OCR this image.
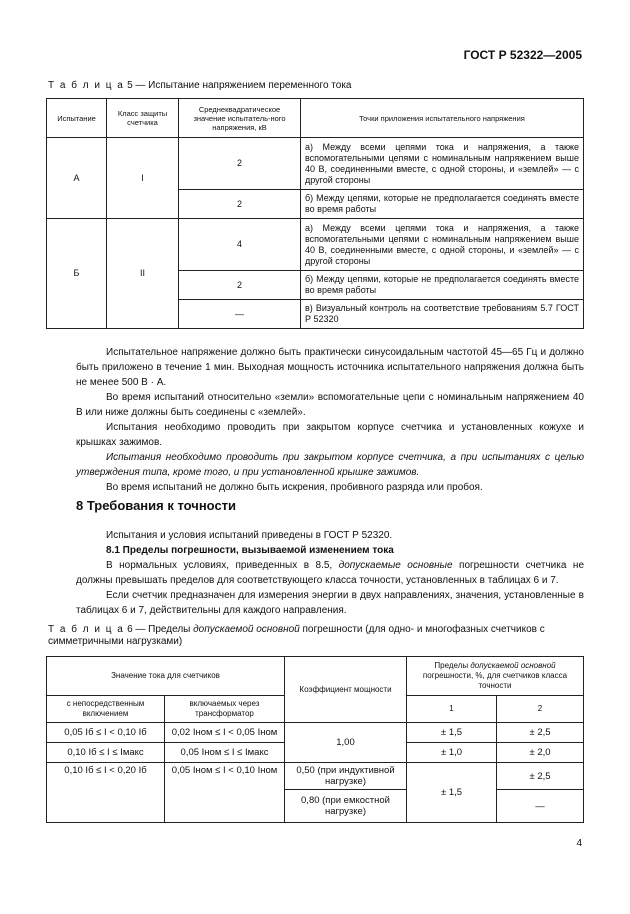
ГОСТ Р 52322—2005
Т а б л и ц а 5 — Испытание напряжением переменного тока
Испытание	Класс защиты счетчика	Среднеквадратическое значение испытатель-ного напряжения, кВ	Точки приложения испытательного напряжения
А	I	2	а) Между всеми цепями тока и напряжения, а также вспомогательными цепями с номинальным напряжением выше 40 В, соединенными вместе, с одной стороны, и «землей» — с другой стороны
		2	б) Между цепями, которые не предполагается соединять вместе во время работы
Б	II	4	а) Между всеми цепями тока и напряжения, а также вспомогательными цепями с номинальным напряжением выше 40 В, соединенными вместе, с одной стороны, и «землей» — с другой стороны
		2	б) Между цепями, которые не предполагается соединять вместе во время работы
		—	в) Визуальный контроль на соответствие требованиям 5.7 ГОСТ Р 52320

Испытательное напряжение должно быть практически синусоидальным частотой 45—65 Гц и должно быть приложено в течение 1 мин. Выходная мощность источника испытательного напряжения должна быть не менее 500 В · А.

Во время испытаний относительно «земли» вспомогательные цепи с номинальным напряжением 40 В или ниже должны быть соединены с «землей».

Испытания необходимо проводить при закрытом корпусе счетчика и установленных кожухе и крышках зажимов.

Испытания необходимо проводить при закрытом корпусе счетчика, а при испытаниях с целью утверждения типа, кроме того, и при установленной крышке зажимов.

Во время испытаний не должно быть искрения, пробивного разряда или пробоя.

8 Требования к точности

Испытания и условия испытаний приведены в ГОСТ Р 52320.

8.1 Пределы погрешности, вызываемой изменением тока

В нормальных условиях, приведенных в 8.5, допускаемые основные погрешности счетчика не должны превышать пределов для соответствующего класса точности, установленных в таблицах 6 и 7.

Если счетчик предназначен для измерения энергии в двух направлениях, значения, установленные в таблицах 6 и 7, действительны для каждого направления.

Т а б л и ц а 6 — Пределы допускаемой основной погрешности (для одно- и многофазных счетчиков с симметричными нагрузками)
Значение тока для счетчиков		Коэффициент мощности	Пределы допускаемой основной погрешности, %, для счетчиков класса точности	
с непосредственным включением	включаемых через трансформатор		1	2
0,05 Iб ≤ I < 0,10 Iб	0,02 Iном ≤ I < 0,05 Iном	1,00	± 1,5	± 2,5
0,10 Iб ≤ I ≤ Iмакс	0,05 Iном ≤ I ≤ Iмакс		± 1,0	± 2,0
0,10 Iб ≤ I < 0,20 Iб	0,05 Iном ≤ I < 0,10 Iном	0,50 (при индуктивной нагрузке)	± 1,5	± 2,5
		0,80 (при емкостной нагрузке)		—
4
